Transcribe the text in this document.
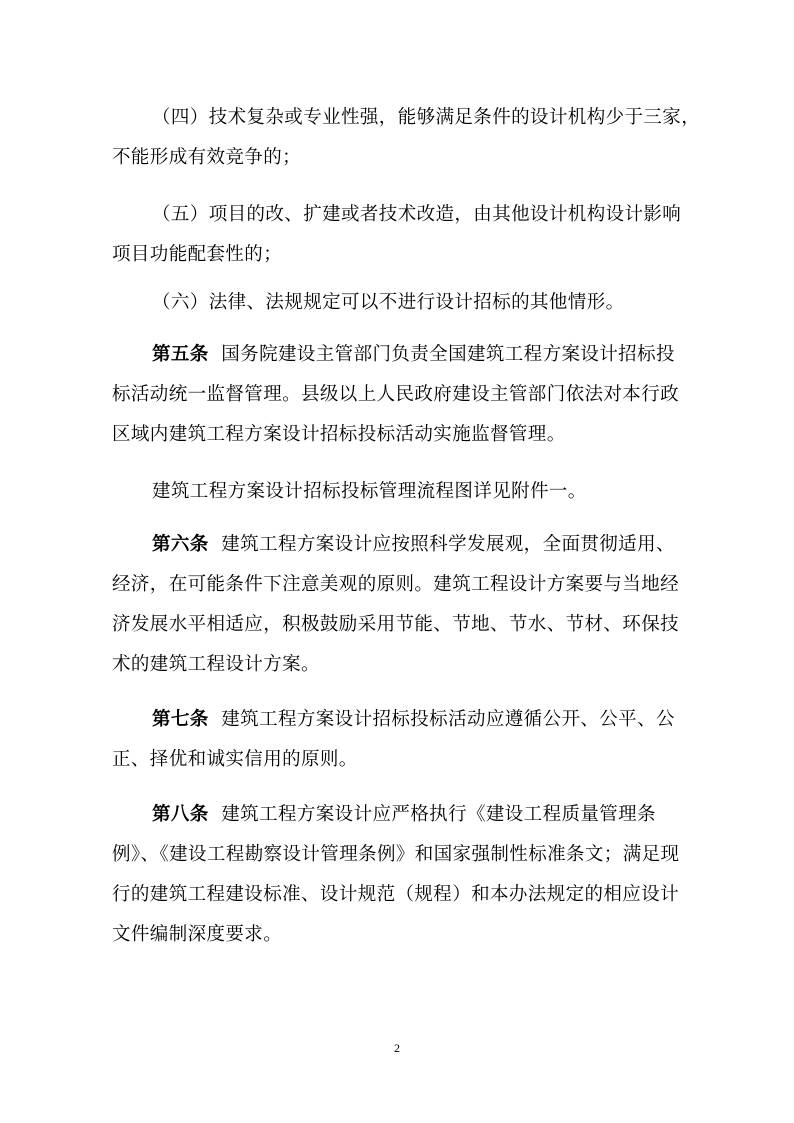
（四）技术复杂或专业性强，能够满足条件的设计机构少于三家，
不能形成有效竞争的；

（五）项目的改、扩建或者技术改造，由其他设计机构设计影响
项目功能配套性的；

（六）法律、法规规定可以不进行设计招标的其他情形。

第五条  国务院建设主管部门负责全国建筑工程方案设计招标投
标活动统一监督管理。县级以上人民政府建设主管部门依法对本行政
区域内建筑工程方案设计招标投标活动实施监督管理。

建筑工程方案设计招标投标管理流程图详见附件一。

第六条  建筑工程方案设计应按照科学发展观，全面贯彻适用、
经济，在可能条件下注意美观的原则。建筑工程设计方案要与当地经
济发展水平相适应，积极鼓励采用节能、节地、节水、节材、环保技
术的建筑工程设计方案。

第七条  建筑工程方案设计招标投标活动应遵循公开、公平、公
正、择优和诚实信用的原则。

第八条  建筑工程方案设计应严格执行《建设工程质量管理条
例》、《建设工程勘察设计管理条例》和国家强制性标准条文；满足现
行的建筑工程建设标准、设计规范（规程）和本办法规定的相应设计
文件编制深度要求。

2
